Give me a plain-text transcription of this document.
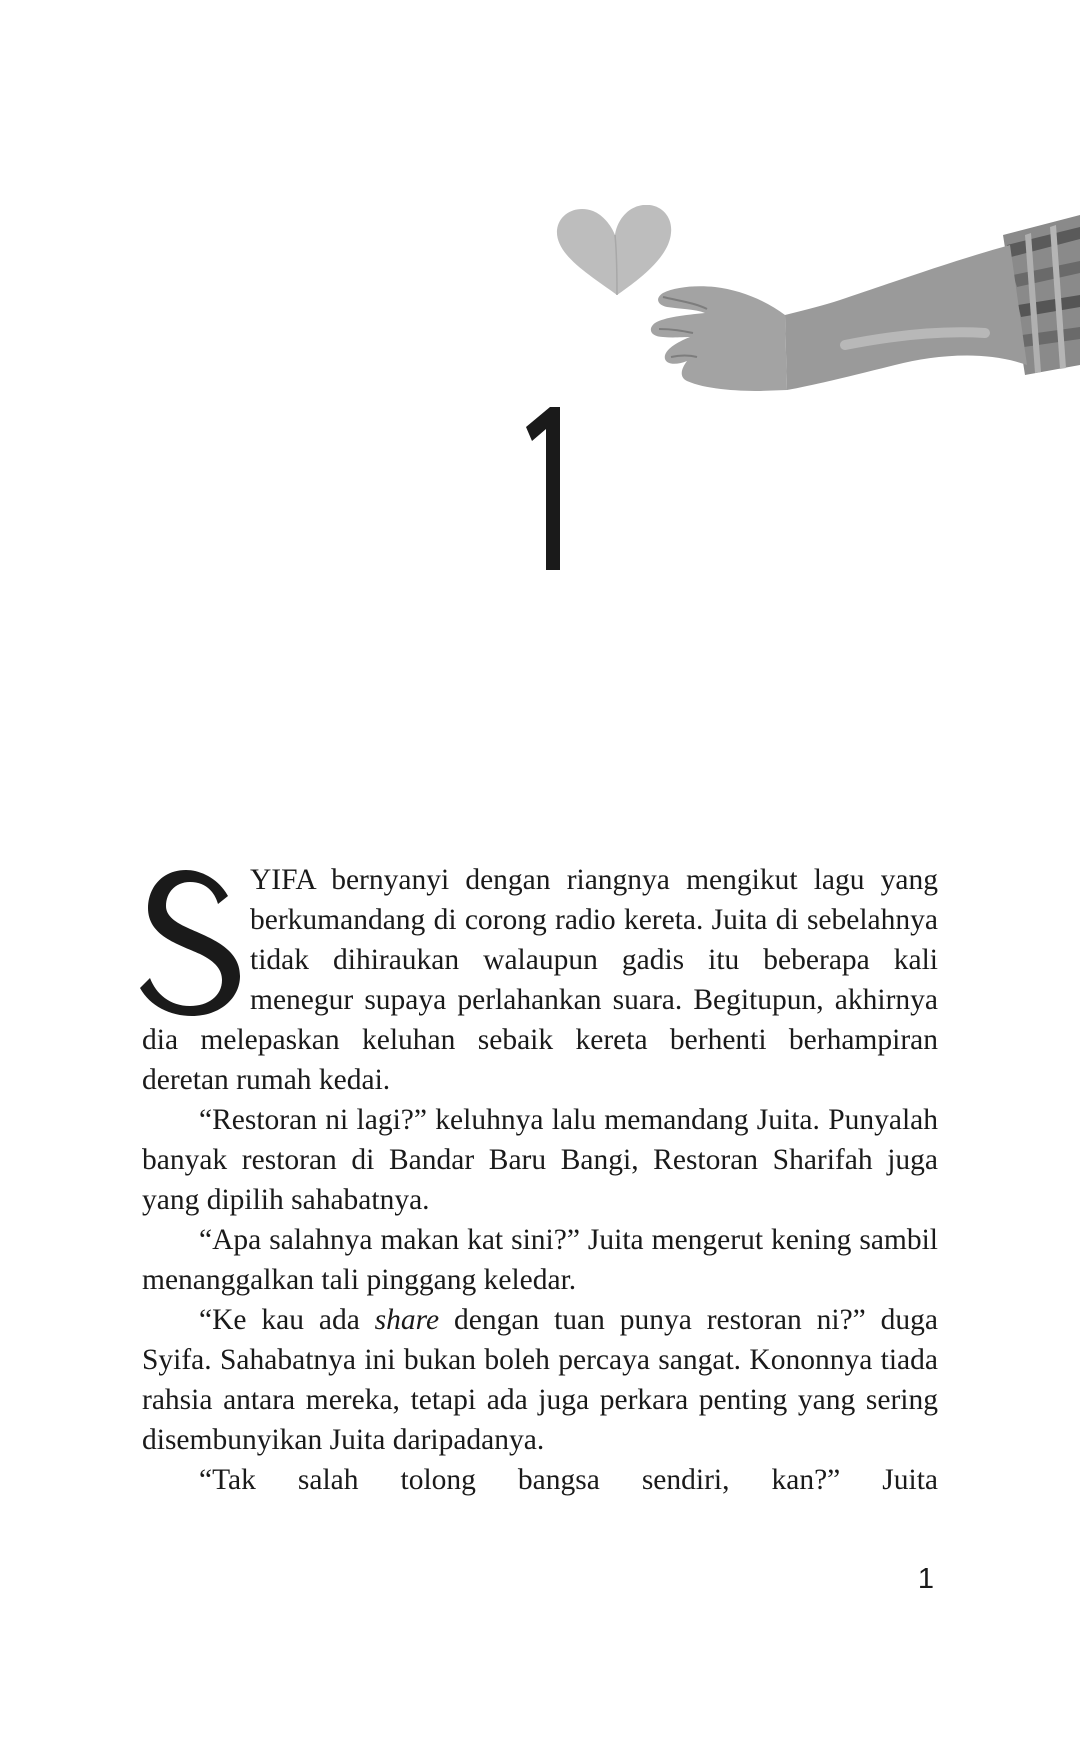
YIFA bernyanyi dengan riangnya mengikut lagu yang berkumandang di corong radio kereta. Juita di sebelahnya tidak dihiraukan walaupun gadis itu beberapa kali menegur supaya perlahankan suara. Begitupun, akhirnya dia melepaskan keluhan sebaik kereta berhenti berhampiran deretan rumah kedai.

“Restoran ni lagi?” keluhnya lalu memandang Juita. Punyalah banyak restoran di Bandar Baru Bangi, Restoran Sharifah juga yang dipilih sahabatnya.

“Apa salahnya makan kat sini?” Juita mengerut kening sambil menanggalkan tali pinggang keledar.

“Ke kau ada share dengan tuan punya restoran ni?” duga Syifa. Sahabatnya ini bukan boleh percaya sangat. Kononnya tiada rahsia antara mereka, tetapi ada juga perkara penting yang sering disembunyikan Juita daripadanya.

“Tak salah tolong bangsa sendiri, kan?” Juita

1
